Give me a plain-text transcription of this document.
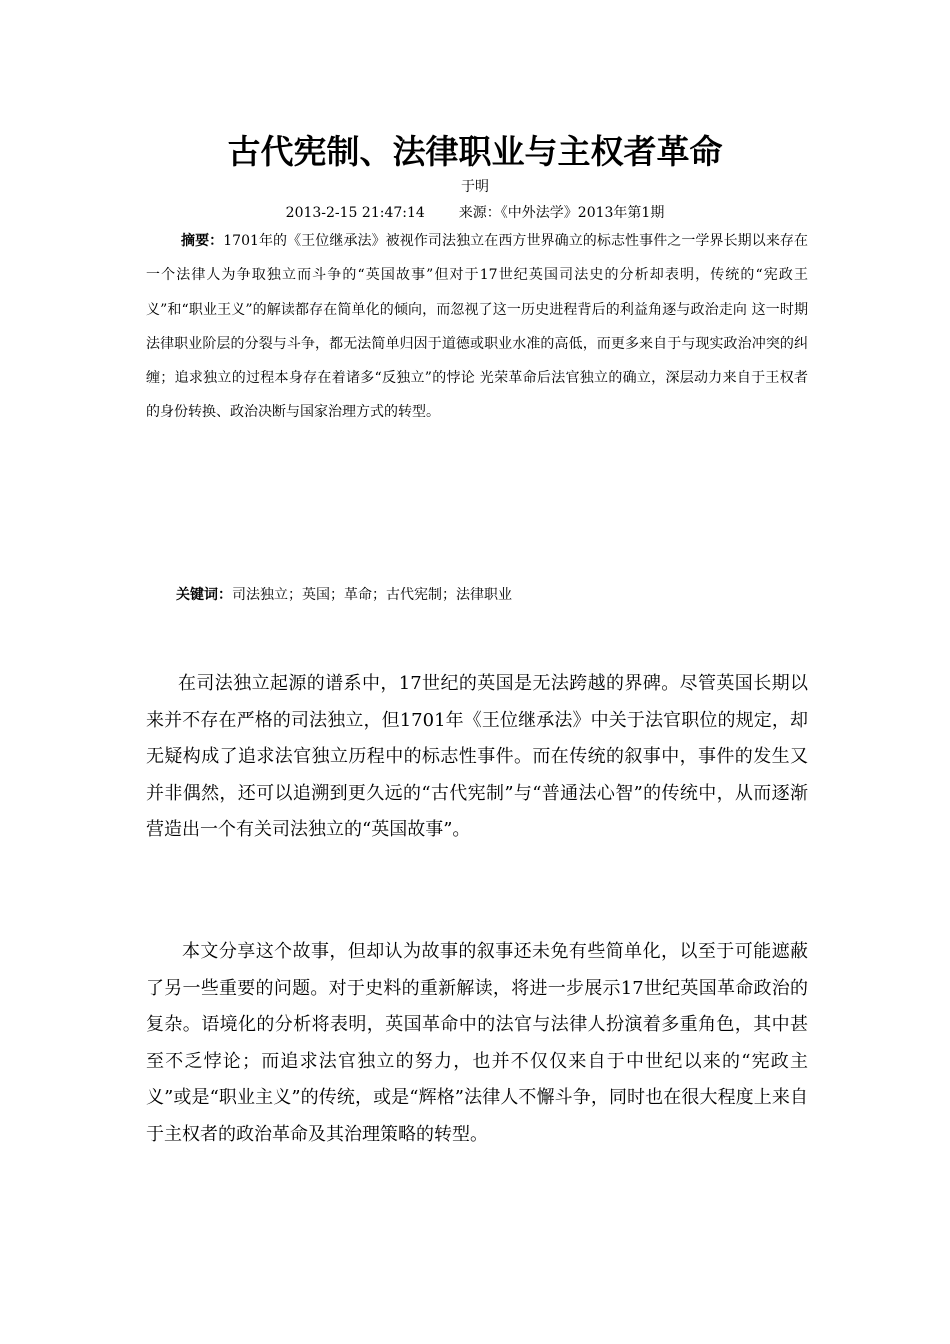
古代宪制、法律职业与主权者革命
于明
2013-2-15 21:47:14 来源：《中外法学》2013年第1期

摘要：1701年的《王位继承法》被视作司法独立在西方世界确立的标志性事件之一学界长期以来存在一个法律人为争取独立而斗争的“英国故事”但对于17世纪英国司法史的分析却表明，传统的“宪政王义”和“职业王义”的解读都存在简单化的倾向，而忽视了这一历史进程背后的利益角逐与政治走向 这一时期法律职业阶层的分裂与斗争，都无法简单归因于道德或职业水准的高低，而更多来自于与现实政治冲突的纠缠；追求独立的过程本身存在着诸多“反独立”的悖论 光荣革命后法官独立的确立，深层动力来自于王权者的身份转换、政治决断与国家治理方式的转型。

关键词：司法独立；英国；革命；古代宪制；法律职业

在司法独立起源的谱系中，17世纪的英国是无法跨越的界碑。尽管英国长期以来并不存在严格的司法独立，但1701年《王位继承法》中关于法官职位的规定，却无疑构成了追求法官独立历程中的标志性事件。而在传统的叙事中，事件的发生又并非偶然，还可以追溯到更久远的“古代宪制”与“普通法心智”的传统中，从而逐渐营造出一个有关司法独立的“英国故事”。

本文分享这个故事，但却认为故事的叙事还未免有些简单化，以至于可能遮蔽了另一些重要的问题。对于史料的重新解读，将进一步展示17世纪英国革命政治的复杂。语境化的分析将表明，英国革命中的法官与法律人扮演着多重角色，其中甚至不乏悖论；而追求法官独立的努力，也并不仅仅来自于中世纪以来的“宪政主义”或是“职业主义”的传统，或是“辉格”法律人不懈斗争，同时也在很大程度上来自于主权者的政治革命及其治理策略的转型。
